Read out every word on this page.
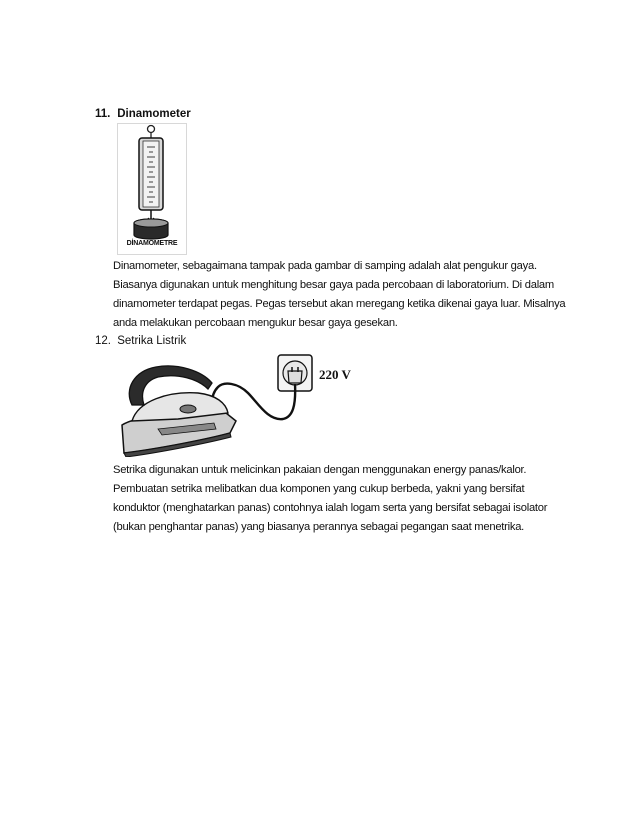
11. Dinamometer
DİNAMOMETRE

Dinamometer, sebagaimana tampak pada gambar di samping adalah alat pengukur gaya.

Biasanya digunakan untuk menghitung besar gaya pada percobaan di laboratorium. Di dalam

dinamometer terdapat pegas. Pegas tersebut akan meregang ketika dikenai gaya luar. Misalnya

anda melakukan percobaan mengukur besar gaya gesekan.

12. Setrika Listrik
220 V

Setrika digunakan untuk melicinkan pakaian dengan menggunakan energy panas/kalor.

Pembuatan setrika melibatkan dua komponen yang cukup berbeda, yakni yang bersifat

konduktor (menghatarkan panas) contohnya ialah logam serta yang bersifat sebagai isolator

(bukan penghantar panas) yang biasanya perannya sebagai pegangan saat menetrika.
